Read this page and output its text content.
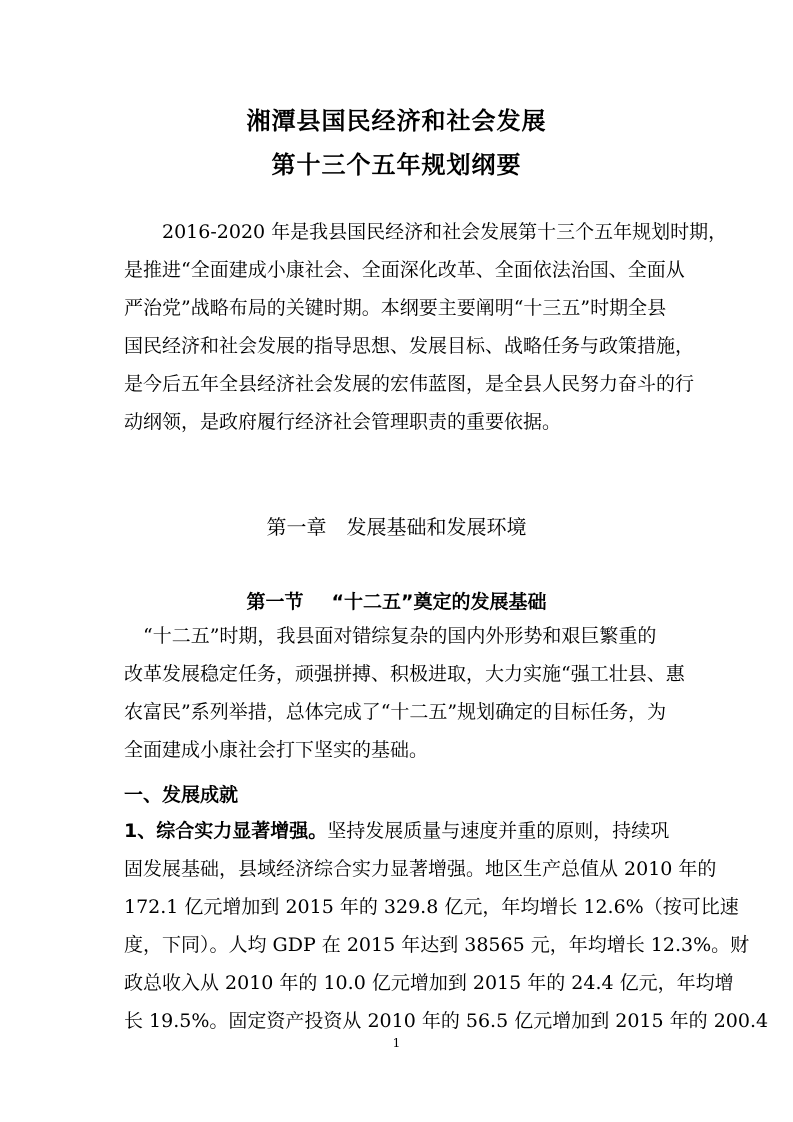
湘潭县国民经济和社会发展
第十三个五年规划纲要
2016-2020 年是我县国民经济和社会发展第十三个五年规划时期，
是推进“全面建成小康社会、全面深化改革、全面依法治国、全面从
严治党”战略布局的关键时期。本纲要主要阐明“十三五”时期全县
国民经济和社会发展的指导思想、发展目标、战略任务与政策措施，
是今后五年全县经济社会发展的宏伟蓝图，是全县人民努力奋斗的行
动纲领，是政府履行经济社会管理职责的重要依据。
第一章　发展基础和发展环境
第一节 “十二五”奠定的发展基础
　“十二五”时期，我县面对错综复杂的国内外形势和艰巨繁重的
改革发展稳定任务，顽强拼搏、积极进取，大力实施“强工壮县、惠
农富民”系列举措，总体完成了“十二五”规划确定的目标任务，为
全面建成小康社会打下坚实的基础。
一、发展成就
1、综合实力显著增强。坚持发展质量与速度并重的原则，持续巩
固发展基础，县域经济综合实力显著增强。地区生产总值从 2010 年的
172.1 亿元增加到 2015 年的 329.8 亿元，年均增长 12.6%（按可比速
度，下同）。人均 GDP 在 2015 年达到 38565 元，年均增长 12.3%。财
政总收入从 2010 年的 10.0 亿元增加到 2015 年的 24.4 亿元，年均增
长 19.5%。固定资产投资从 2010 年的 56.5 亿元增加到 2015 年的 200.4
1
